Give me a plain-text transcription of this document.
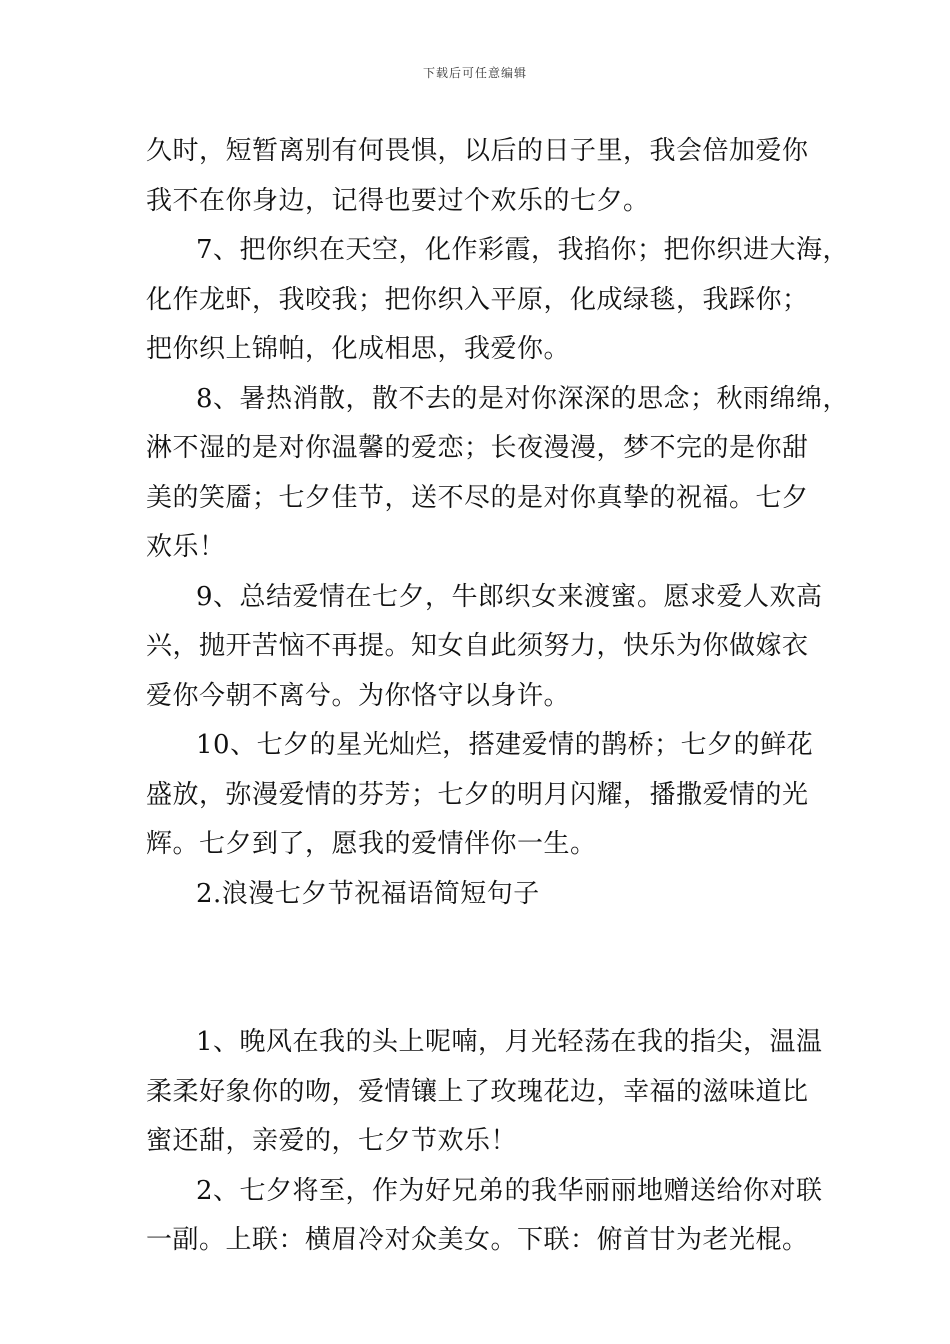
下载后可任意编辑
久时，短暂离别有何畏惧，以后的日子里，我会倍加爱你
我不在你身边，记得也要过个欢乐的七夕。
7、把你织在天空，化作彩霞，我掐你；把你织进大海，
化作龙虾，我咬我；把你织入平原，化成绿毯，我踩你；
把你织上锦帕，化成相思，我爱你。
8、暑热消散，散不去的是对你深深的思念；秋雨绵绵，
淋不湿的是对你温馨的爱恋；长夜漫漫，梦不完的是你甜
美的笑靥；七夕佳节，送不尽的是对你真挚的祝福。七夕
欢乐！
9、总结爱情在七夕，牛郎织女来渡蜜。愿求爱人欢高
兴，抛开苦恼不再提。知女自此须努力，快乐为你做嫁衣
爱你今朝不离兮。为你恪守以身许。
10、七夕的星光灿烂，搭建爱情的鹊桥；七夕的鲜花
盛放，弥漫爱情的芬芳；七夕的明月闪耀，播撒爱情的光
辉。七夕到了，愿我的爱情伴你一生。
2.浪漫七夕节祝福语简短句子
1、晚风在我的头上呢喃，月光轻荡在我的指尖，温温
柔柔好象你的吻，爱情镶上了玫瑰花边，幸福的滋味道比
蜜还甜，亲爱的，七夕节欢乐！
2、七夕将至，作为好兄弟的我华丽丽地赠送给你对联
一副。上联：横眉冷对众美女。下联：俯首甘为老光棍。
